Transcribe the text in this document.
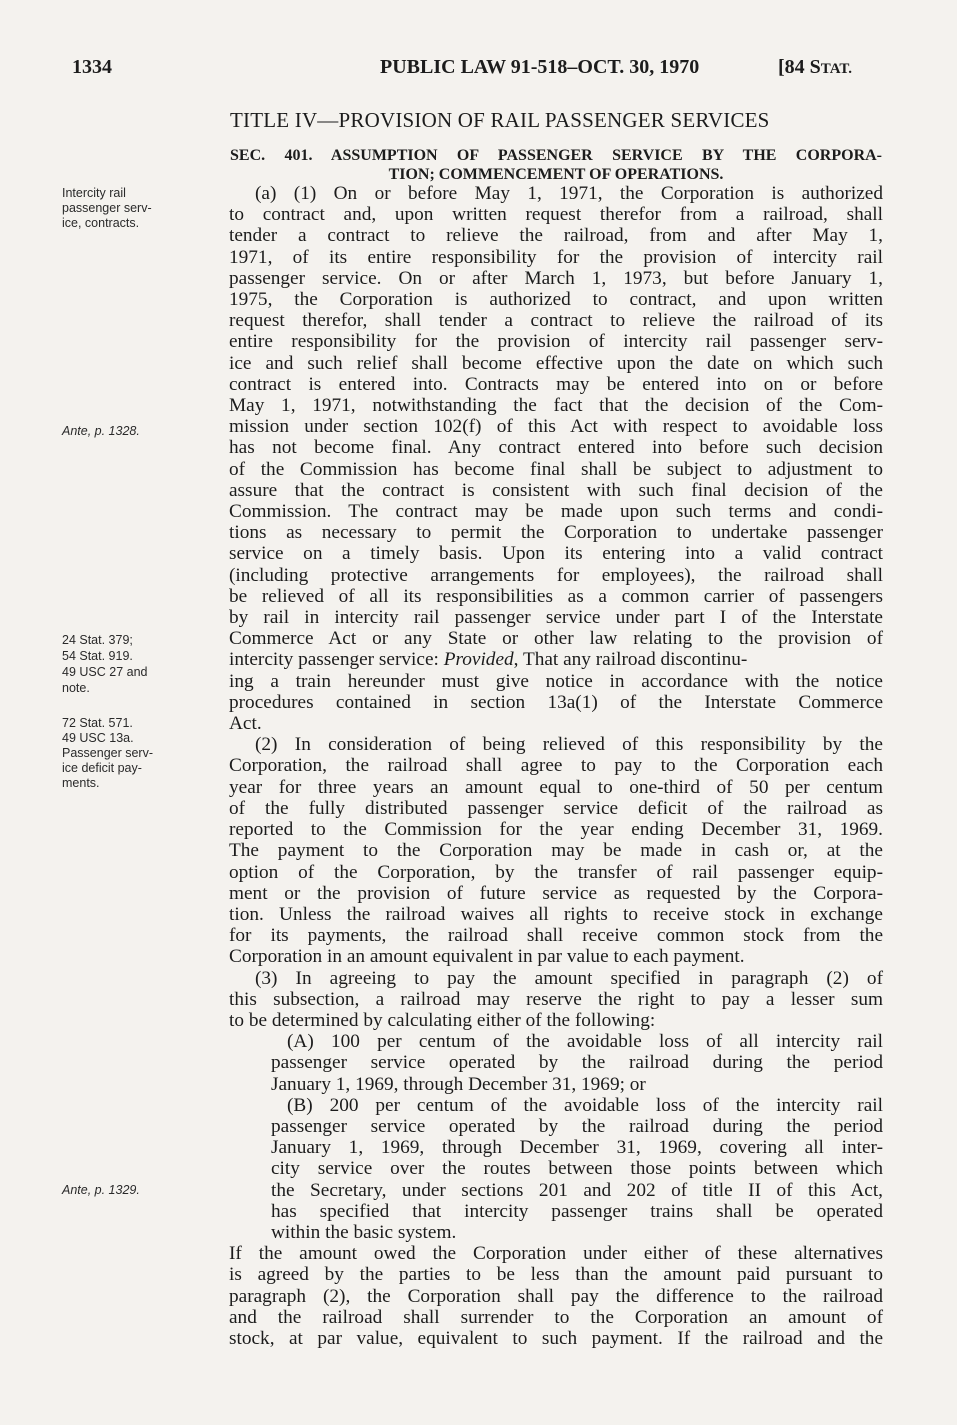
1334	PUBLIC LAW 91-518–OCT. 30, 1970	[84 STAT.
TITLE IV—PROVISION OF RAIL PASSENGER SERVICES
SEC. 401. ASSUMPTION OF PASSENGER SERVICE BY THE CORPORA-
TION; COMMENCEMENT OF OPERATIONS.
Intercity rail
passenger serv-
ice, contracts.
Ante, p. 1328.
24 Stat. 379;
54 Stat. 919.
49 USC 27 and
note.
72 Stat. 571.
49 USC 13a.
Passenger serv-
ice deficit pay-
ments.
Ante, p. 1329.
(a) (1) On or before May 1, 1971, the Corporation is authorized
to contract and, upon written request therefor from a railroad, shall
tender a contract to relieve the railroad, from and after May 1,
1971, of its entire responsibility for the provision of intercity rail
passenger service. On or after March 1, 1973, but before January 1,
1975, the Corporation is authorized to contract, and upon written
request therefor, shall tender a contract to relieve the railroad of its
entire responsibility for the provision of intercity rail passenger serv-
ice and such relief shall become effective upon the date on which such
contract is entered into. Contracts may be entered into on or before
May 1, 1971, notwithstanding the fact that the decision of the Com-
mission under section 102(f) of this Act with respect to avoidable loss
has not become final. Any contract entered into before such decision
of the Commission has become final shall be subject to adjustment to
assure that the contract is consistent with such final decision of the
Commission. The contract may be made upon such terms and condi-
tions as necessary to permit the Corporation to undertake passenger
service on a timely basis. Upon its entering into a valid contract
(including protective arrangements for employees), the railroad shall
be relieved of all its responsibilities as a common carrier of passengers
by rail in intercity rail passenger service under part I of the Interstate
Commerce Act or any State or other law relating to the provision of
intercity passenger service: Provided, That any railroad discontinu-
ing a train hereunder must give notice in accordance with the notice
procedures contained in section 13a(1) of the Interstate Commerce
Act.
(2) In consideration of being relieved of this responsibility by the
Corporation, the railroad shall agree to pay to the Corporation each
year for three years an amount equal to one-third of 50 per centum
of the fully distributed passenger service deficit of the railroad as
reported to the Commission for the year ending December 31, 1969.
The payment to the Corporation may be made in cash or, at the
option of the Corporation, by the transfer of rail passenger equip-
ment or the provision of future service as requested by the Corpora-
tion. Unless the railroad waives all rights to receive stock in exchange
for its payments, the railroad shall receive common stock from the
Corporation in an amount equivalent in par value to each payment.
(3) In agreeing to pay the amount specified in paragraph (2) of
this subsection, a railroad may reserve the right to pay a lesser sum
to be determined by calculating either of the following:
(A) 100 per centum of the avoidable loss of all intercity rail
passenger service operated by the railroad during the period
January 1, 1969, through December 31, 1969; or
(B) 200 per centum of the avoidable loss of the intercity rail
passenger service operated by the railroad during the period
January 1, 1969, through December 31, 1969, covering all inter-
city service over the routes between those points between which
the Secretary, under sections 201 and 202 of title II of this Act,
has specified that intercity passenger trains shall be operated
within the basic system.
If the amount owed the Corporation under either of these alternatives
is agreed by the parties to be less than the amount paid pursuant to
paragraph (2), the Corporation shall pay the difference to the railroad
and the railroad shall surrender to the Corporation an amount of
stock, at par value, equivalent to such payment. If the railroad and the
